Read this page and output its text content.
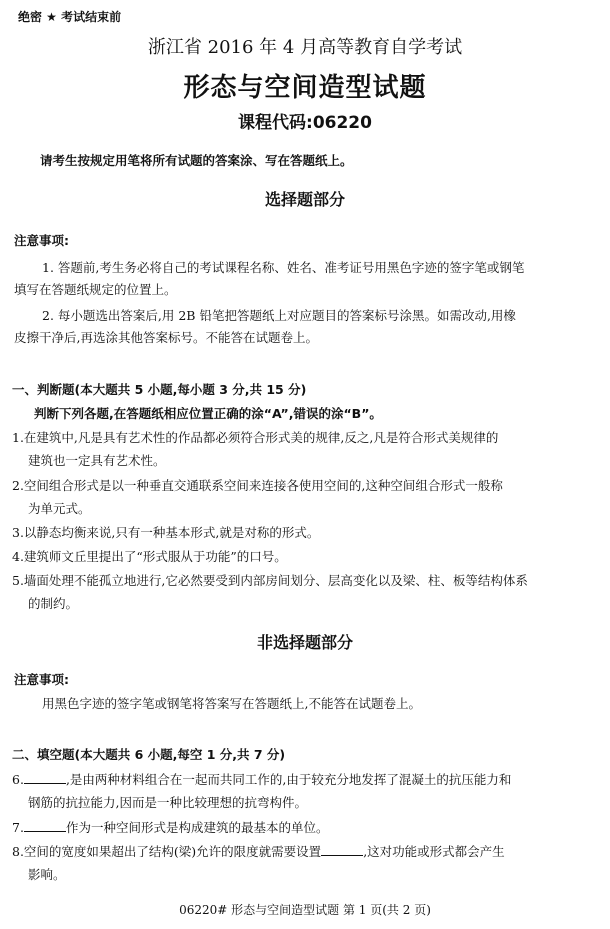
绝密 ★ 考试结束前
浙江省 2016 年 4 月高等教育自学考试
形态与空间造型试题
课程代码:06220
请考生按规定用笔将所有试题的答案涂、写在答题纸上。
选择题部分
注意事项:
1. 答题前,考生务必将自己的考试课程名称、姓名、准考证号用黑色字迹的签字笔或钢笔
填写在答题纸规定的位置上。
2. 每小题选出答案后,用 2B 铅笔把答题纸上对应题目的答案标号涂黑。如需改动,用橡
皮擦干净后,再选涂其他答案标号。不能答在试题卷上。
一、判断题(本大题共 5 小题,每小题 3 分,共 15 分)
判断下列各题,在答题纸相应位置正确的涂“A”,错误的涂“B”。
1.在建筑中,凡是具有艺术性的作品都必须符合形式美的规律,反之,凡是符合形式美规律的
建筑也一定具有艺术性。
2.空间组合形式是以一种垂直交通联系空间来连接各使用空间的,这种空间组合形式一般称
为单元式。
3.以静态均衡来说,只有一种基本形式,就是对称的形式。
4.建筑师文丘里提出了“形式服从于功能”的口号。
5.墙面处理不能孤立地进行,它必然要受到内部房间划分、层高变化以及梁、柱、板等结构体系
的制约。
非选择题部分
注意事项:
用黑色字迹的签字笔或钢笔将答案写在答题纸上,不能答在试题卷上。
二、填空题(本大题共 6 小题,每空 1 分,共 7 分)
6.	,是由两种材料组合在一起而共同工作的,由于较充分地发挥了混凝土的抗压能力和
钢筋的抗拉能力,因而是一种比较理想的抗弯构件。
7.	作为一种空间形式是构成建筑的最基本的单位。
8.空间的宽度如果超出了结构(梁)允许的限度就需要设置	,这对功能或形式都会产生
影响。
06220# 形态与空间造型试题 第 1 页(共 2 页)
